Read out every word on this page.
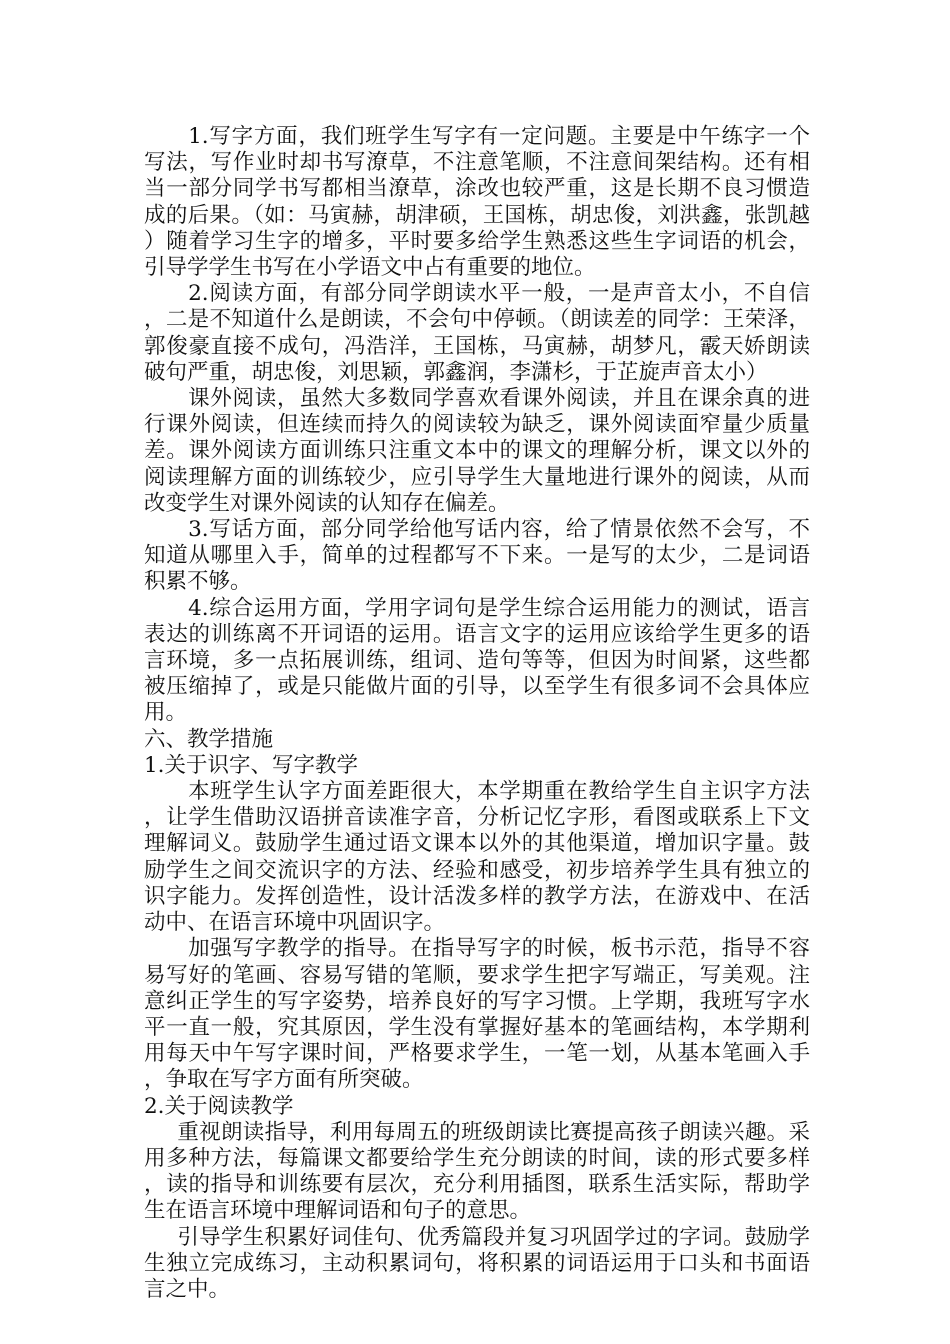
1.写字方面，我们班学生写字有一定问题。主要是中午练字一个写法，写作业时却书写潦草，不注意笔顺，不注意间架结构。还有相当一部分同学书写都相当潦草，涂改也较严重，这是长期不良习惯造成的后果。（如：马寅赫，胡津硕，王国栋，胡忠俊，刘洪鑫，张凯越）随着学习生字的增多，平时要多给学生熟悉这些生字词语的机会，引导学学生书写在小学语文中占有重要的地位。

2.阅读方面，有部分同学朗读水平一般，一是声音太小，不自信，二是不知道什么是朗读，不会句中停顿。（朗读差的同学：王荣泽，郭俊豪直接不成句，冯浩洋，王国栋，马寅赫，胡梦凡，霰天娇朗读破句严重，胡忠俊，刘思颖，郭鑫润，李潇杉，于芷旋声音太小）

课外阅读，虽然大多数同学喜欢看课外阅读，并且在课余真的进行课外阅读，但连续而持久的阅读较为缺乏，课外阅读面窄量少质量差。课外阅读方面训练只注重文本中的课文的理解分析，课文以外的阅读理解方面的训练较少，应引导学生大量地进行课外的阅读，从而改变学生对课外阅读的认知存在偏差。

3.写话方面，部分同学给他写话内容，给了情景依然不会写，不知道从哪里入手，简单的过程都写不下来。一是写的太少，二是词语积累不够。

4.综合运用方面，学用字词句是学生综合运用能力的测试，语言表达的训练离不开词语的运用。语言文字的运用应该给学生更多的语言环境，多一点拓展训练，组词、造句等等，但因为时间紧，这些都被压缩掉了，或是只能做片面的引导，以至学生有很多词不会具体应用。

六、教学措施

1.关于识字、写字教学

本班学生认字方面差距很大，本学期重在教给学生自主识字方法，让学生借助汉语拼音读准字音，分析记忆字形，看图或联系上下文理解词义。鼓励学生通过语文课本以外的其他渠道，增加识字量。鼓励学生之间交流识字的方法、经验和感受，初步培养学生具有独立的识字能力。发挥创造性，设计活泼多样的教学方法，在游戏中、在活动中、在语言环境中巩固识字。

加强写字教学的指导。在指导写字的时候，板书示范，指导不容易写好的笔画、容易写错的笔顺，要求学生把字写端正，写美观。注意纠正学生的写字姿势，培养良好的写字习惯。上学期，我班写字水平一直一般，究其原因，学生没有掌握好基本的笔画结构，本学期利用每天中午写字课时间，严格要求学生，一笔一划，从基本笔画入手，争取在写字方面有所突破。

2.关于阅读教学

重视朗读指导，利用每周五的班级朗读比赛提高孩子朗读兴趣。采用多种方法，每篇课文都要给学生充分朗读的时间，读的形式要多样，读的指导和训练要有层次，充分利用插图，联系生活实际，帮助学生在语言环境中理解词语和句子的意思。

引导学生积累好词佳句、优秀篇段并复习巩固学过的字词。鼓励学生独立完成练习，主动积累词句，将积累的词语运用于口头和书面语言之中。
